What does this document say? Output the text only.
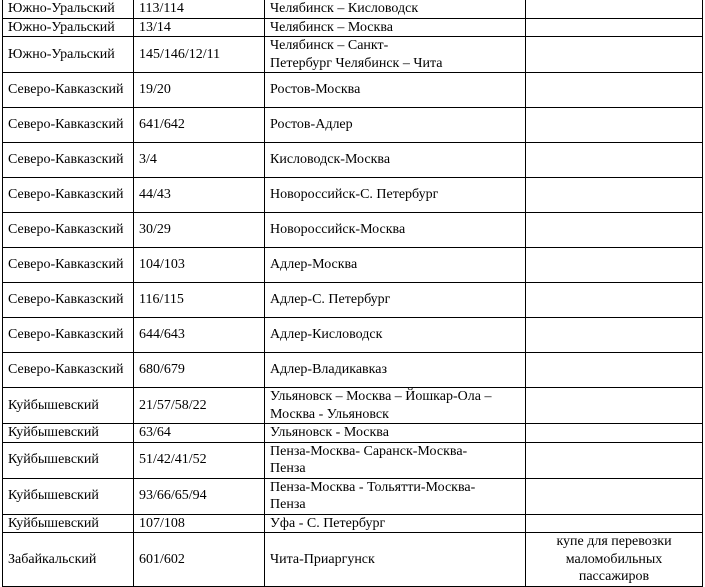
Южно-Уральский	113/114	Челябинск – Кисловодск	
Южно-Уральский	13/14	Челябинск – Москва	
Южно-Уральский	145/146/12/11	Челябинск – Санкт-
Петербург Челябинск – Чита	
Северо-Кавказский	19/20	Ростов-Москва	
Северо-Кавказский	641/642	Ростов-Адлер	
Северо-Кавказский	3/4	Кисловодск-Москва	
Северо-Кавказский	44/43	Новороссийск-С. Петербург	
Северо-Кавказский	30/29	Новороссийск-Москва	
Северо-Кавказский	104/103	Адлер-Москва	
Северо-Кавказский	116/115	Адлер-С. Петербург	
Северо-Кавказский	644/643	Адлер-Кисловодск	
Северо-Кавказский	680/679	Адлер-Владикавказ	
Куйбышевский	21/57/58/22	Ульяновск – Москва – Йошкар-Ола –
Москва - Ульяновск	
Куйбышевский	63/64	Ульяновск - Москва	
Куйбышевский	51/42/41/52	Пенза-Москва- Саранск-Москва-
Пенза	
Куйбышевский	93/66/65/94	Пенза-Москва - Тольятти-Москва-
Пенза	
Куйбышевский	107/108	Уфа - С. Петербург	
Забайкальский	601/602	Чита-Приаргунск	купе для перевозки маломобильных пассажиров
